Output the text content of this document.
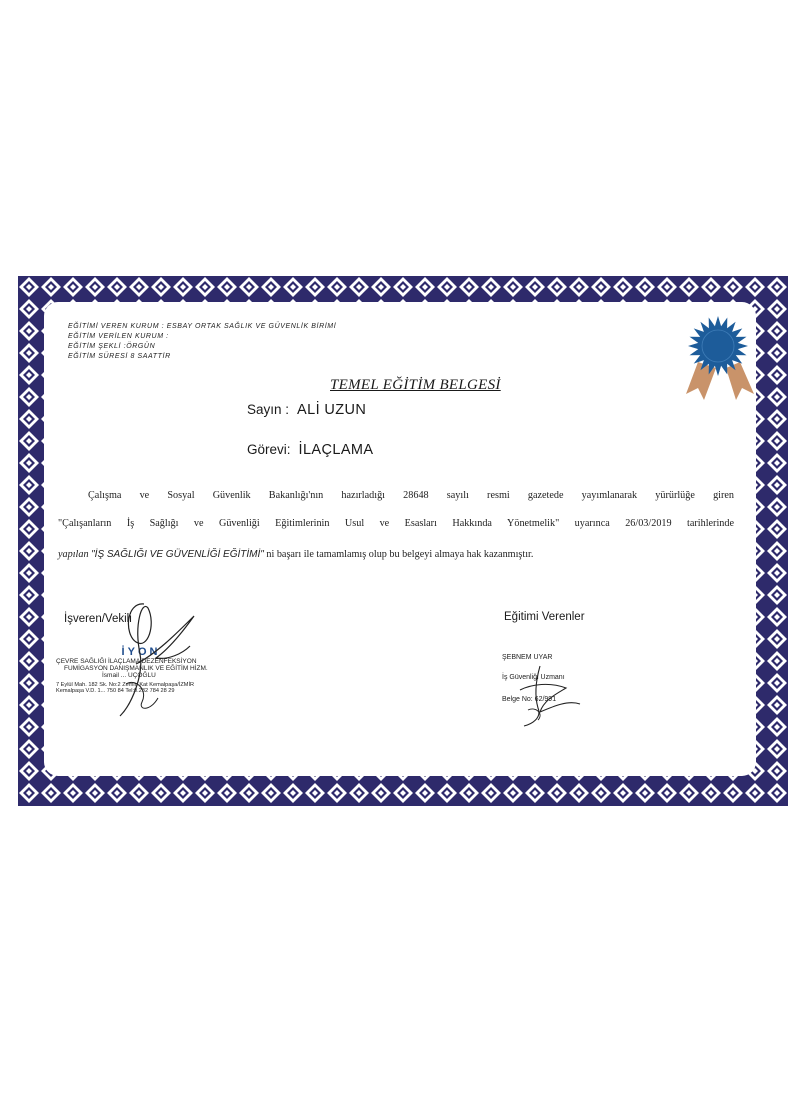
EĞİTİMİ VEREN KURUM : ESBAY ORTAK SAĞLIK VE GÜVENLİK BİRİMİ
EĞİTİM VERİLEN KURUM :
EĞİTİM ŞEKLİ :ÖRGÜN
EĞİTİM SÜRESİ 8 SAATTİR
TEMEL EĞİTİM BELGESİ
Sayın : ALİ UZUN
Görevi: İLAÇLAMA
Çalışma ve Sosyal Güvenlik Bakanlığı'nın hazırladığı 28648 sayılı resmi gazetede yayımlanarak yürürlüğe giren
"Çalışanların İş Sağlığı ve Güvenliği Eğitimlerinin Usul ve Esasları Hakkında Yönetmelik" uyarınca 26/03/2019 tarihlerinde
yapılan "İŞ SAĞLIĞI VE GÜVENLİĞİ EĞİTİMİ" ni başarı ile tamamlamış olup bu belgeyi almaya hak kazanmıştır.
İşveren/Vekili
İYON
ÇEVRE SAĞLIĞI İLAÇLAMA DEZENFEKSİYON
FUMİGASYON DANIŞMANLIK VE EĞİTİM HİZM.
İsmail ... UÇOĞLU
7 Eylül Mah. 182 Sk. No:2 Zemin Kat Kemalpaşa/İZMİR
Kemalpaşa V.D. 1... 750 84 Tel:0.232 784 28 29
Eğitimi Verenler
ŞEBNEM UYAR
İş Güvenliği Uzmanı
Belge No: 62/991
